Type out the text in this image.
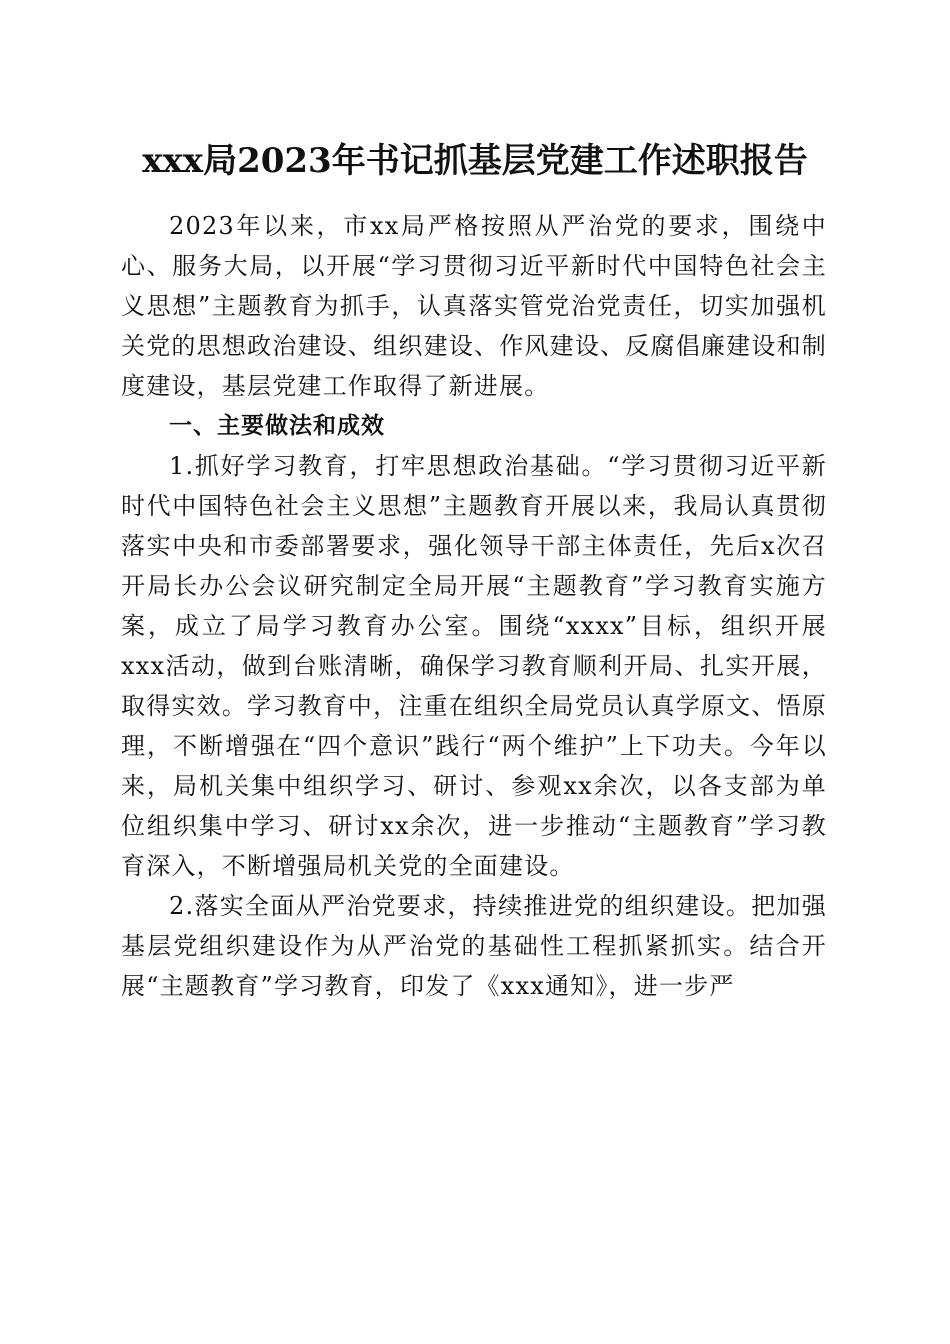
xxx局2023年书记抓基层党建工作述职报告

2023年以来，市xx局严格按照从严治党的要求，围绕中心、服务大局，以开展“学习贯彻习近平新时代中国特色社会主义思想”主题教育为抓手，认真落实管党治党责任，切实加强机关党的思想政治建设、组织建设、作风建设、反腐倡廉建设和制度建设，基层党建工作取得了新进展。

一、主要做法和成效

1.抓好学习教育，打牢思想政治基础。“学习贯彻习近平新时代中国特色社会主义思想”主题教育开展以来，我局认真贯彻落实中央和市委部署要求，强化领导干部主体责任，先后x次召开局长办公会议研究制定全局开展“主题教育”学习教育实施方案，成立了局学习教育办公室。围绕“xxxx”目标，组织开展xxx活动，做到台账清晰，确保学习教育顺利开局、扎实开展，取得实效。学习教育中，注重在组织全局党员认真学原文、悟原理，不断增强在“四个意识”践行“两个维护”上下功夫。今年以来，局机关集中组织学习、研讨、参观xx余次，以各支部为单位组织集中学习、研讨xx余次，进一步推动“主题教育”学习教育深入，不断增强局机关党的全面建设。

2.落实全面从严治党要求，持续推进党的组织建设。把加强基层党组织建设作为从严治党的基础性工程抓紧抓实。结合开展“主题教育”学习教育，印发了《xxx通知》，进一步严
